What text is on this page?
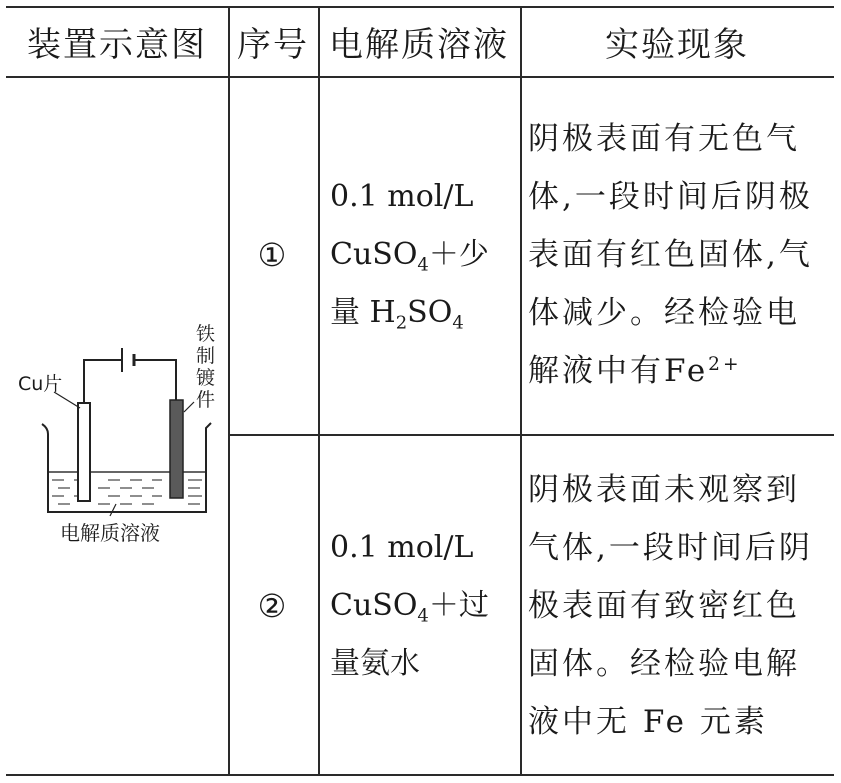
装置示意图 序号 电解质溶液	实验现象
Cu片
铁
制
镀
件
电解质溶液
①
0.1 mol/L
CuSO$_4$＋少
量 $H_2SO_4$
阴极表面有无色气
体,一段时间后阴极
表面有红色固体,气
体减少。经检验电
解液中有$Fe^{2+}$
②
0.1 mol/L
CuSO$_4$＋过
量氨水
阴极表面未观察到
气体,一段时间后阴
极表面有致密红色
固体。经检验电解
液中无 Fe 元素
